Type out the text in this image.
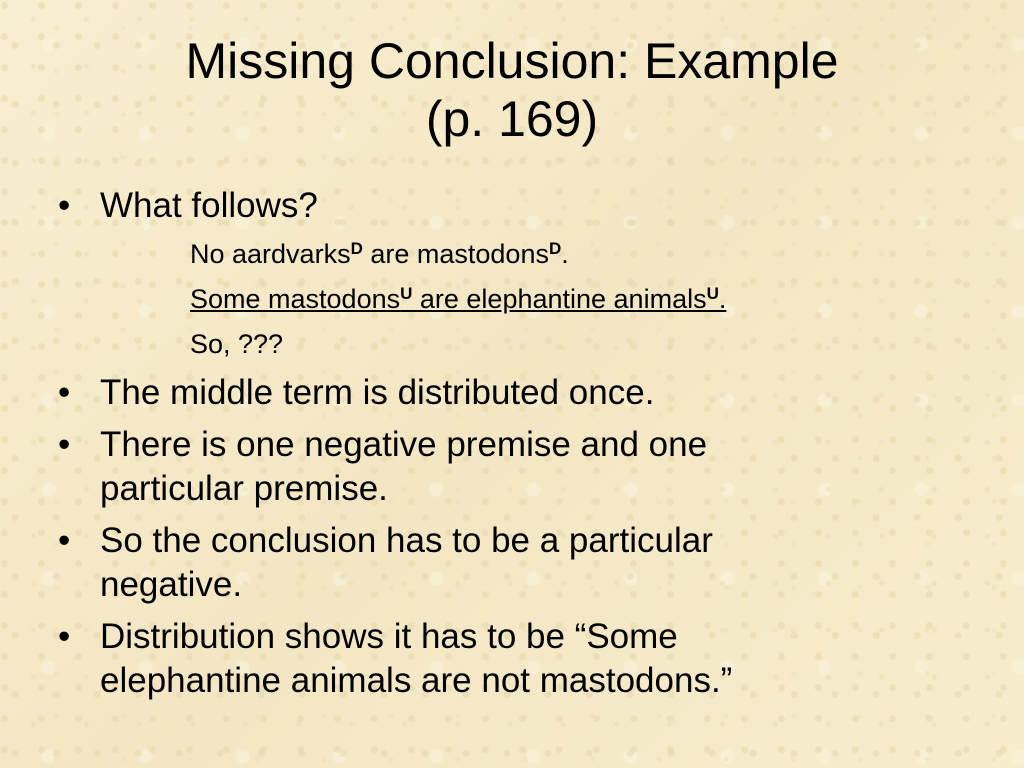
Missing Conclusion: Example
(p. 169)
• What follows?
No aardvarks$^D$ are mastodons$^D$.
Some mastodons$^U$ are elephantine animals$^U$.
So, ???
• The middle term is distributed once.
• There is one negative premise and one
particular premise.
• So the conclusion has to be a particular
negative.
• Distribution shows it has to be “Some
elephantine animals are not mastodons.”
